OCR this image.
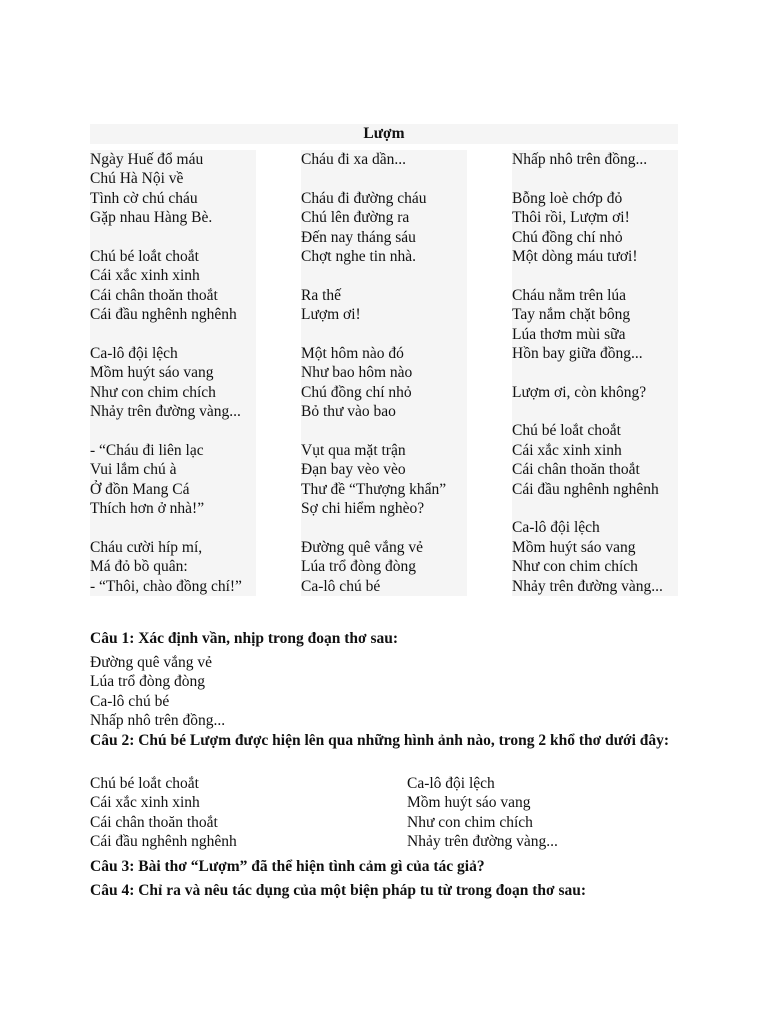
Lượm
Ngày Huế đổ máu
Chú Hà Nội về
Tình cờ chú cháu
Gặp nhau Hàng Bè.
Chú bé loắt choắt
Cái xắc xinh xinh
Cái chân thoăn thoắt
Cái đầu nghênh nghênh
Ca-lô đội lệch
Mồm huýt sáo vang
Như con chim chích
Nhảy trên đường vàng...
- “Cháu đi liên lạc
Vui lắm chú à
Ở đồn Mang Cá
Thích hơn ở nhà!”
Cháu cười híp mí,
Má đỏ bồ quân:
- “Thôi, chào đồng chí!”
Cháu đi xa dần...
Cháu đi đường cháu
Chú lên đường ra
Đến nay tháng sáu
Chợt nghe tin nhà.
Ra thế
Lượm ơi!
Một hôm nào đó
Như bao hôm nào
Chú đồng chí nhỏ
Bỏ thư vào bao
Vụt qua mặt trận
Đạn bay vèo vèo
Thư đề “Thượng khẩn”
Sợ chi hiểm nghèo?
Đường quê vắng vẻ
Lúa trổ đòng đòng
Ca-lô chú bé
Nhấp nhô trên đồng...
Bỗng loè chớp đỏ
Thôi rồi, Lượm ơi!
Chú đồng chí nhỏ
Một dòng máu tươi!
Cháu nằm trên lúa
Tay nắm chặt bông
Lúa thơm mùi sữa
Hồn bay giữa đồng...
Lượm ơi, còn không?
Chú bé loắt choắt
Cái xắc xinh xinh
Cái chân thoăn thoắt
Cái đầu nghênh nghênh
Ca-lô đội lệch
Mồm huýt sáo vang
Như con chim chích
Nhảy trên đường vàng...
Câu 1: Xác định vần, nhịp trong đoạn thơ sau:
Đường quê vắng vẻ
Lúa trổ đòng đòng
Ca-lô chú bé
Nhấp nhô trên đồng...
Câu 2: Chú bé Lượm được hiện lên qua những hình ảnh nào, trong 2 khổ thơ dưới đây:
Chú bé loắt choắt
Cái xắc xinh xinh
Cái chân thoăn thoắt
Cái đầu nghênh nghênh
Ca-lô đội lệch
Mồm huýt sáo vang
Như con chim chích
Nhảy trên đường vàng...
Câu 3: Bài thơ “Lượm” đã thể hiện tình cảm gì của tác giả?
Câu 4: Chỉ ra và nêu tác dụng của một biện pháp tu từ trong đoạn thơ sau:
